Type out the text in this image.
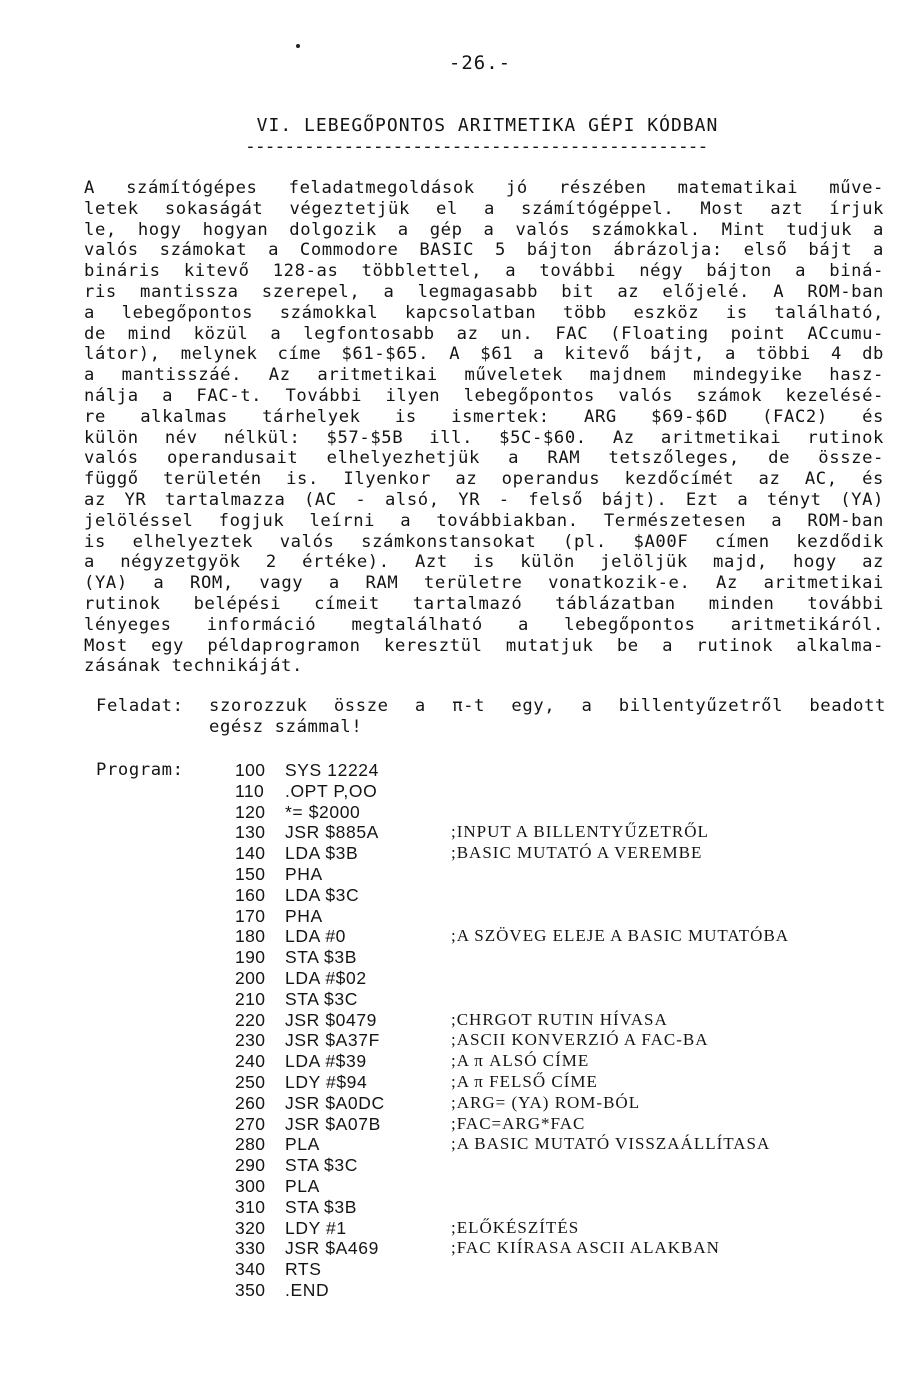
-26.-
VI. LEBEGŐPONTOS ARITMETIKA GÉPI KÓDBAN
-----------------------------------------------
A számítógépes feladatmegoldások jó részében matematikai műve-
letek sokaságát végeztetjük el a számítógéppel. Most azt írjuk
le, hogy hogyan dolgozik a gép a valós számokkal. Mint tudjuk a
valós számokat a Commodore BASIC 5 bájton ábrázolja: első bájt a
bináris kitevő 128-as többlettel, a további négy bájton a biná-
ris mantissza szerepel, a legmagasabb bit az előjelé. A ROM-ban
a lebegőpontos számokkal kapcsolatban több eszköz is található,
de mind közül a legfontosabb az un. FAC (Floating point ACcumu-
látor), melynek címe $61-$65. A $61 a kitevő bájt, a többi 4 db
a mantisszáé. Az aritmetikai műveletek majdnem mindegyike hasz-
nálja a FAC-t. További ilyen lebegőpontos valós számok kezelésé-
re alkalmas tárhelyek is ismertek: ARG $69-$6D (FAC2) és
külön név nélkül: $57-$5B ill. $5C-$60. Az aritmetikai rutinok
valós operandusait elhelyezhetjük a RAM tetszőleges, de össze-
függő területén is. Ilyenkor az operandus kezdőcímét az AC, és
az YR tartalmazza (AC - alsó, YR - felső bájt). Ezt a tényt (YA)
jelöléssel fogjuk leírni a továbbiakban. Természetesen a ROM-ban
is elhelyeztek valós számkonstansokat (pl. $A00F címen kezdődik
a négyzetgyök 2 értéke). Azt is külön jelöljük majd, hogy az
(YA) a ROM, vagy a RAM területre vonatkozik-e. Az aritmetikai
rutinok belépési címeit tartalmazó táblázatban minden további
lényeges információ megtalálható a lebegőpontos aritmetikáról.
Most egy példaprogramon keresztül mutatjuk be a rutinok alkalma-
zásának technikáját.
Feladat: szorozzuk össze a π-t egy, a billentyűzetről beadott
egész számmal!
Program:	100 SYS 12224
110 .OPT P,OO
120 *= $2000
130 JSR $885A	;INPUT A BILLENTYŰZETRŐL
140 LDA $3B	;BASIC MUTATÓ A VEREMBE
150 PHA
160 LDA $3C
170 PHA
180 LDA #0	;A SZÖVEG ELEJE A BASIC MUTATÓBA
190 STA $3B
200 LDA #$02
210 STA $3C
220 JSR $0479	;CHRGOT RUTIN HÍVASA
230 JSR $A37F	;ASCII KONVERZIÓ A FAC-BA
240 LDA #$39	;A π ALSÓ CÍME
250 LDY #$94	;A π FELSŐ CÍME
260 JSR $A0DC	;ARG= (YA) ROM-BÓL
270 JSR $A07B	;FAC=ARG*FAC
280 PLA	;A BASIC MUTATÓ VISSZAÁLLÍTASA
290 STA $3C
300 PLA
310 STA $3B
320 LDY #1	;ELŐKÉSZÍTÉS
330 JSR $A469	;FAC KIÍRASA ASCII ALAKBAN
340 RTS
350 .END
